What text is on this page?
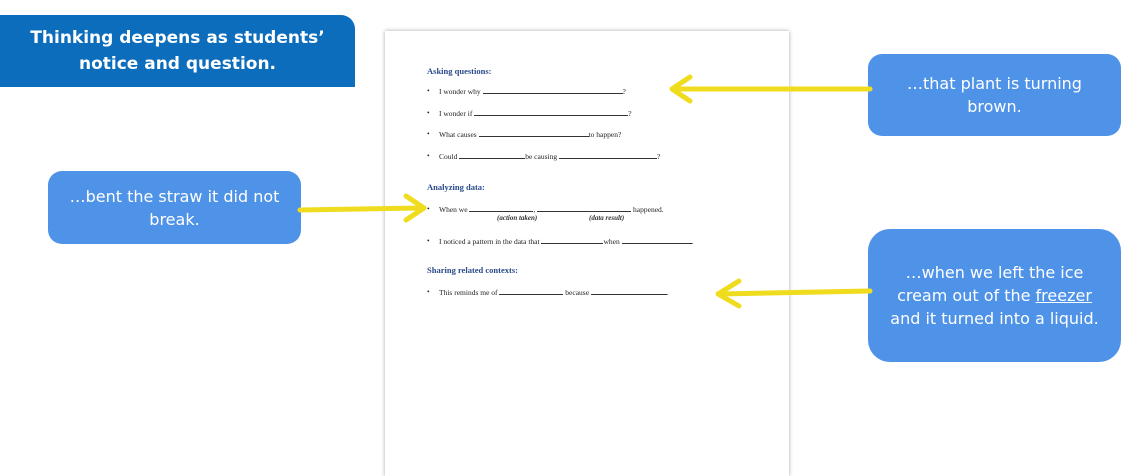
Thinking deepens as students’ notice and question.	Asking questions:
• I wonder why	?
• I wonder if	?
• What causes	to happen?
• Could	be causing	?
Analyzing data:
• When we	,	happened.
(action taken)	(data result)
• I noticed a pattern in the data that	when	.
Sharing related contexts:
• This reminds me of	because	.
…that plant is turning brown.
…bent the straw it did not break.
…when we left the ice
cream out of the freezer
and it turned into a liquid.
